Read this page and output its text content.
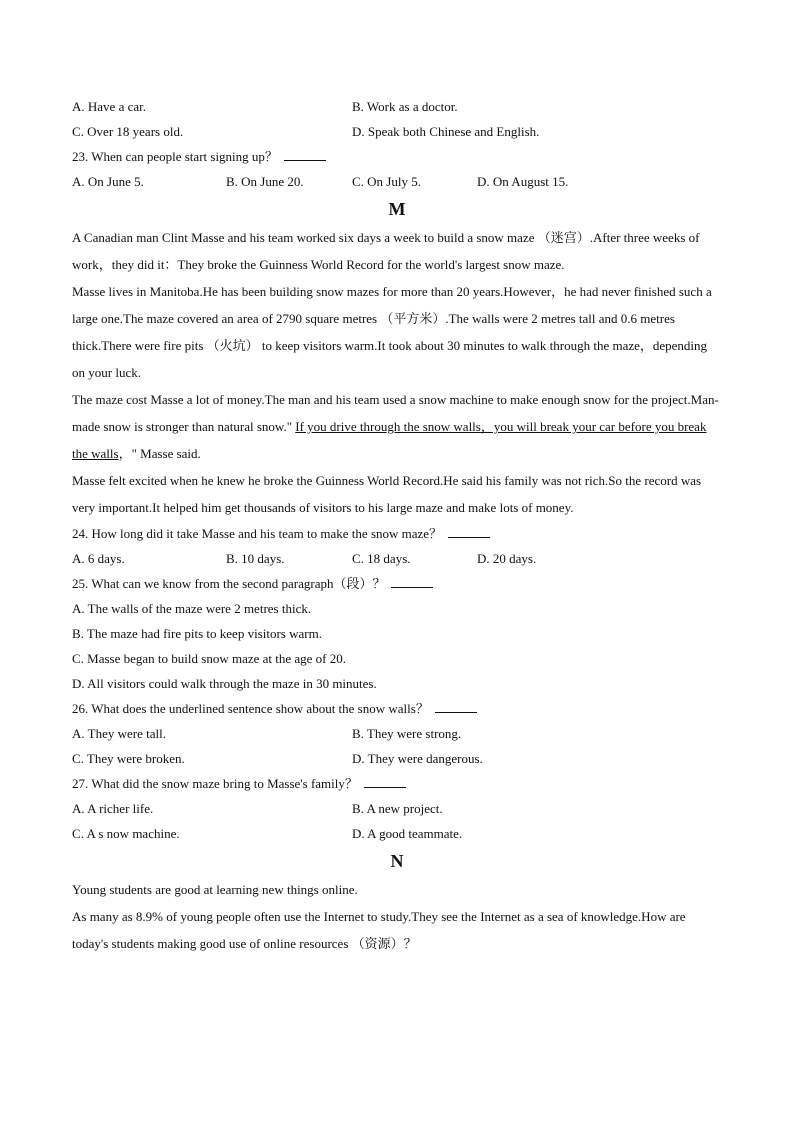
A. Have a car.	B. Work as a doctor.
C. Over 18 years old.	D. Speak both Chinese and English.
23. When can people start signing up？
A. On June 5.	B. On June 20.	C. On July 5.	D. On August 15.
M
A Canadian man Clint Masse and his team worked six days a week to build a snow maze （迷宫）.After three weeks of work，they did it：They broke the Guinness World Record for the world's largest snow maze.
Masse lives in Manitoba.He has been building snow mazes for more than 20 years.However，he had never finished such a large one.The maze covered an area of 2790 square metres （平方米）.The walls were 2 metres tall and 0.6 metres thick.There were fire pits （火坑） to keep visitors warm.It took about 30 minutes to walk through the maze，depending on your luck.
The maze cost Masse a lot of money.The man and his team used a snow machine to make enough snow for the project.Man-made snow is stronger than natural snow." If you drive through the snow walls，you will break your car before you break the walls，" Masse said.
Masse felt excited when he knew he broke the Guinness World Record.He said his family was not rich.So the record was very important.It helped him get thousands of visitors to his large maze and make lots of money.
24. How long did it take Masse and his team to make the snow maze？
A. 6 days.	B. 10 days.	C. 18 days.	D. 20 days.
25. What can we know from the second paragraph（段）？
A. The walls of the maze were 2 metres thick.
B. The maze had fire pits to keep visitors warm.
C. Masse began to build snow maze at the age of 20.
D. All visitors could walk through the maze in 30 minutes.
26. What does the underlined sentence show about the snow walls？
A. They were tall.	B. They were strong.
C. They were broken.	D. They were dangerous.
27. What did the snow maze bring to Masse's family？
A. A richer life.	B. A new project.
C. A s now machine.	D. A good teammate.
N
Young students are good at learning new things online.
As many as 8.9% of young people often use the Internet to study.They see the Internet as a sea of knowledge.How are today's students making good use of online resources （资源）？
